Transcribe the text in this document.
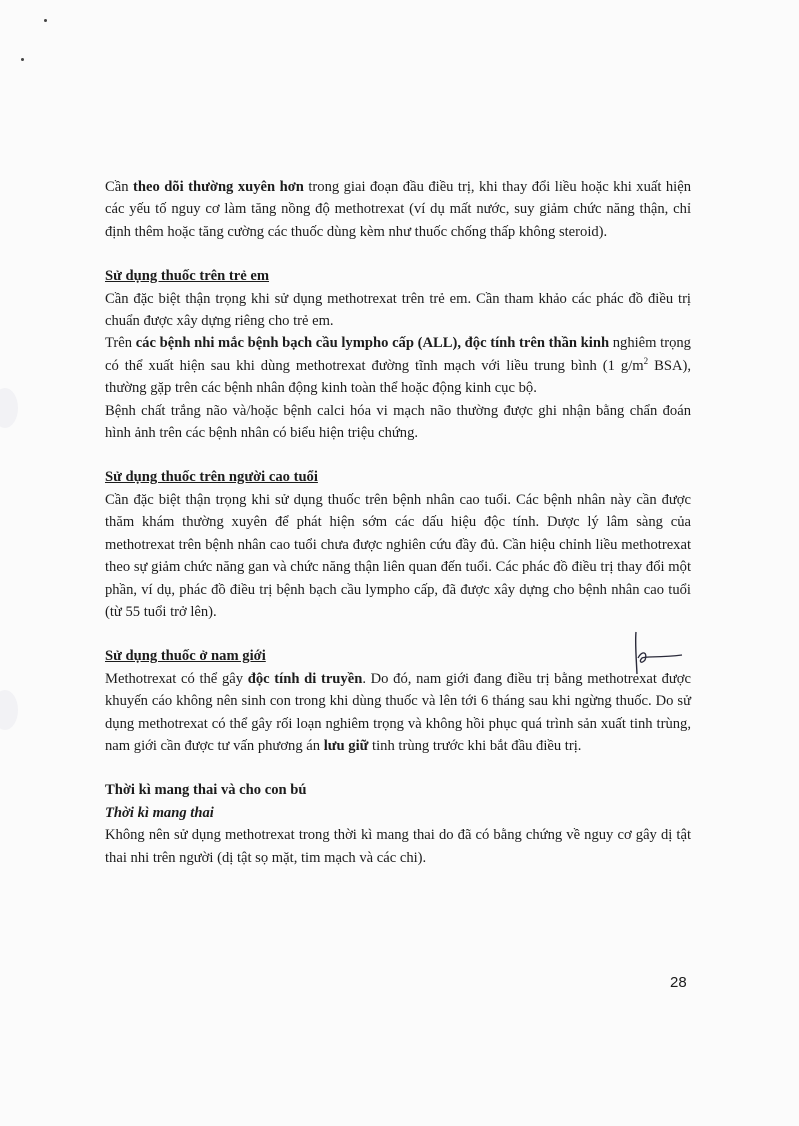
Cần theo dõi thường xuyên hơn trong giai đoạn đầu điều trị, khi thay đổi liều hoặc khi xuất hiện các yếu tố nguy cơ làm tăng nồng độ methotrexat (ví dụ mất nước, suy giảm chức năng thận, chỉ định thêm hoặc tăng cường các thuốc dùng kèm như thuốc chống thấp không steroid).

Sử dụng thuốc trên trẻ em

Cần đặc biệt thận trọng khi sử dụng methotrexat trên trẻ em. Cần tham khảo các phác đồ điều trị chuẩn được xây dựng riêng cho trẻ em.

Trên các bệnh nhi mắc bệnh bạch cầu lympho cấp (ALL), độc tính trên thần kinh nghiêm trọng có thể xuất hiện sau khi dùng methotrexat đường tĩnh mạch với liều trung bình (1 $g/m^2$ BSA), thường gặp trên các bệnh nhân động kinh toàn thể hoặc động kinh cục bộ.

Bệnh chất trắng não và/hoặc bệnh calci hóa vi mạch não thường được ghi nhận bằng chẩn đoán hình ảnh trên các bệnh nhân có biểu hiện triệu chứng.

Sử dụng thuốc trên người cao tuổi

Cần đặc biệt thận trọng khi sử dụng thuốc trên bệnh nhân cao tuổi. Các bệnh nhân này cần được thăm khám thường xuyên để phát hiện sớm các dấu hiệu độc tính. Dược lý lâm sàng của methotrexat trên bệnh nhân cao tuổi chưa được nghiên cứu đầy đủ. Cần hiệu chỉnh liều methotrexat theo sự giảm chức năng gan và chức năng thận liên quan đến tuổi. Các phác đồ điều trị thay đổi một phần, ví dụ, phác đồ điều trị bệnh bạch cầu lympho cấp, đã được xây dựng cho bệnh nhân cao tuổi (từ 55 tuổi trở lên).

Sử dụng thuốc ở nam giới

Methotrexat có thể gây độc tính di truyền. Do đó, nam giới đang điều trị bằng methotrexat được khuyến cáo không nên sinh con trong khi dùng thuốc và lên tới 6 tháng sau khi ngừng thuốc. Do sử dụng methotrexat có thể gây rối loạn nghiêm trọng và không hồi phục quá trình sản xuất tinh trùng, nam giới cần được tư vấn phương án lưu giữ tinh trùng trước khi bắt đầu điều trị.

Thời kì mang thai và cho con bú
Thời kì mang thai

Không nên sử dụng methotrexat trong thời kì mang thai do đã có bằng chứng về nguy cơ gây dị tật thai nhi trên người (dị tật sọ mặt, tim mạch và các chi).

28
